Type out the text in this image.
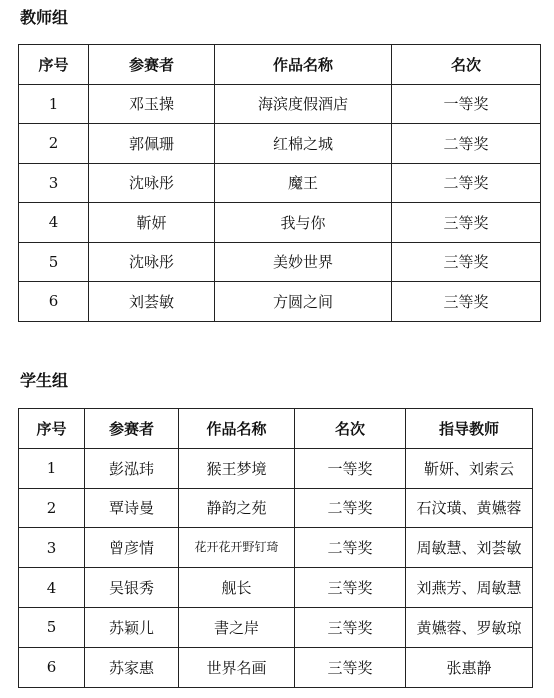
教师组
序号	参赛者	作品名称	名次
1	邓玉操	海滨度假酒店	一等奖
2	郭佩珊	红棉之城	二等奖
3	沈咏彤	魔王	二等奖
4	靳妍	我与你	三等奖
5	沈咏彤	美妙世界	三等奖
6	刘荟敏	方圆之间	三等奖
学生组
序号	参赛者	作品名称	名次	指导教师
1	彭泓玮	猴王梦境	一等奖	靳妍、刘索云
2	覃诗曼	静韵之苑	二等奖	石汶璜、黄嬿蓉
3	曾彦情	花开花开野钉琦	二等奖	周敏慧、刘荟敏
4	吴银秀	舰长	三等奖	刘燕芳、周敏慧
5	苏颖儿	書之岸	三等奖	黄嬿蓉、罗敏琼
6	苏家惠	世界名画	三等奖	张惠静
